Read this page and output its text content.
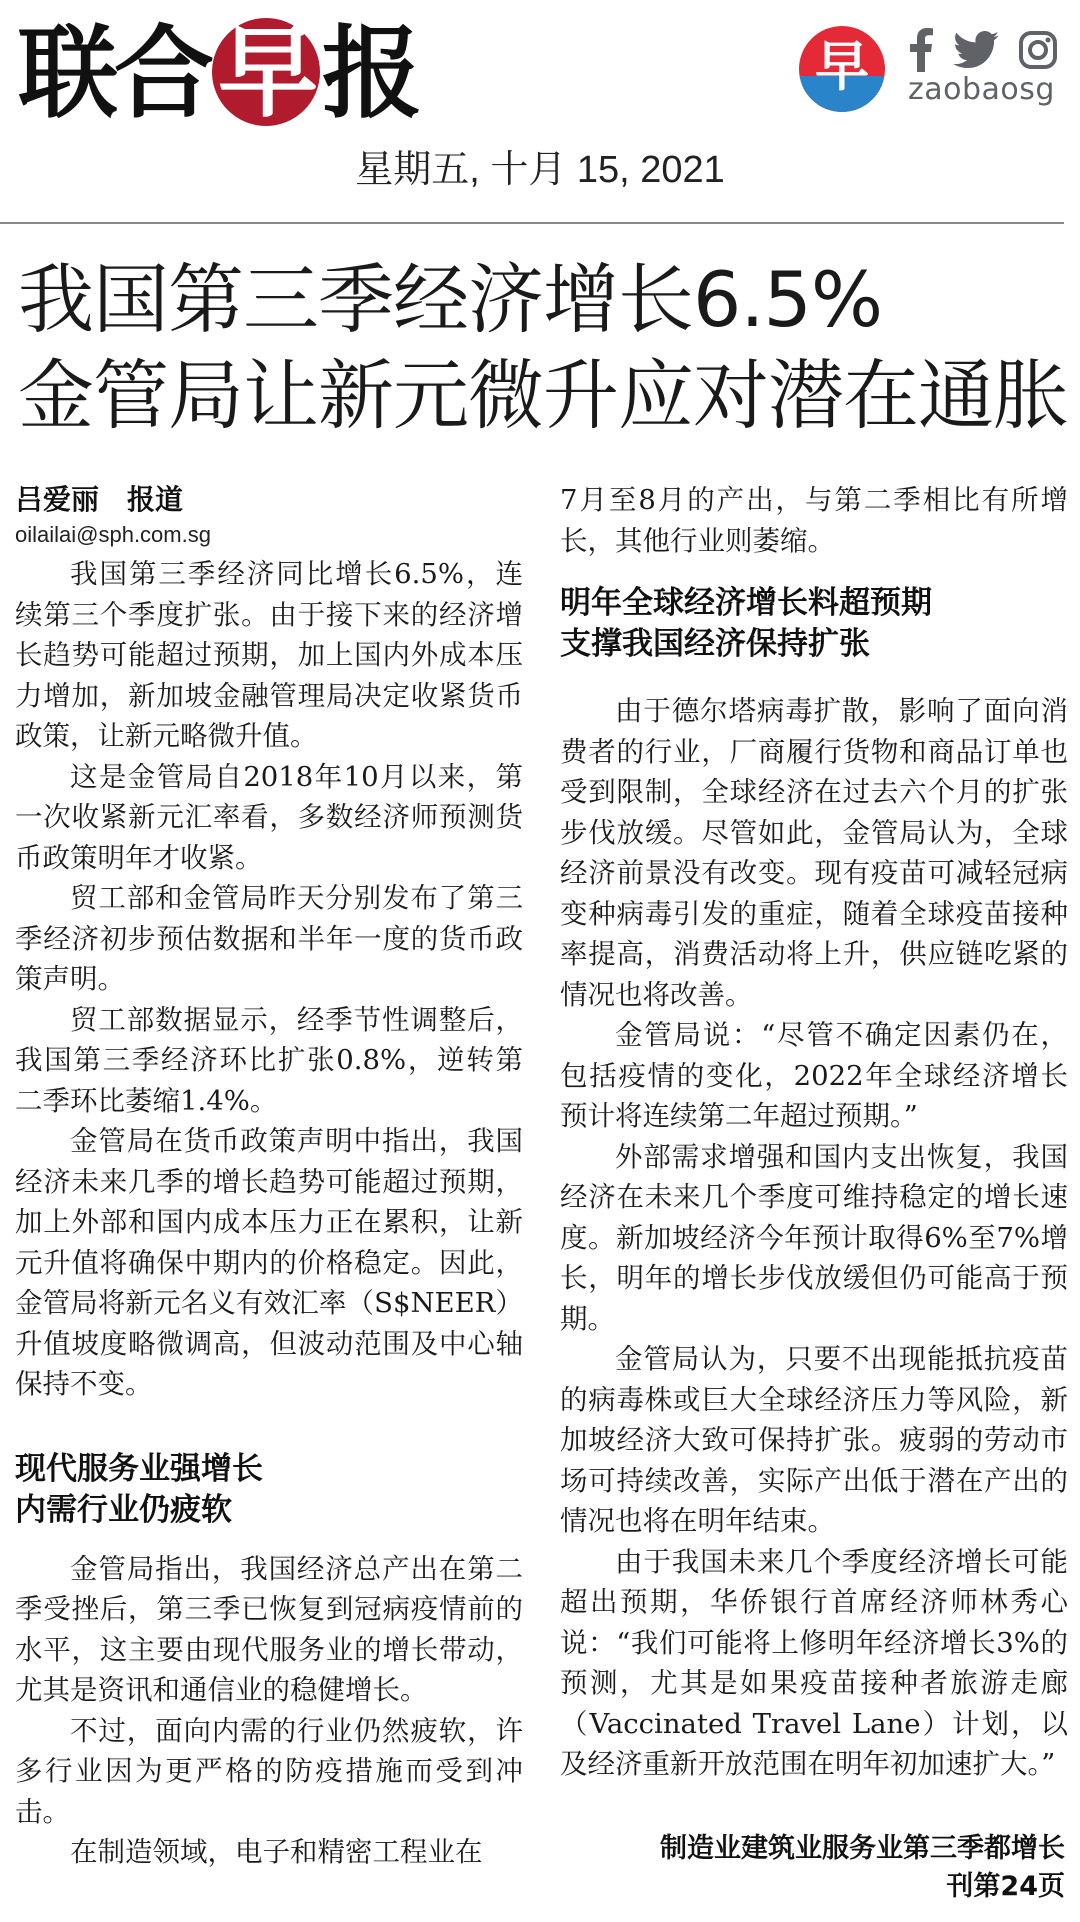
联合早报	早	zaobaosg
星期五, 十月 15, 2021
我国第三季经济增长6.5%
金管局让新元微升应对潜在通胀
吕爱丽 报道
oilailai@sph.com.sg

我国第三季经济同比增长6.5%，连续第三个季度扩张。由于接下来的经济增长趋势可能超过预期，加上国内外成本压力增加，新加坡金融管理局决定收紧货币政策，让新元略微升值。

这是金管局自2018年10月以来，第一次收紧新元汇率看，多数经济师预测货币政策明年才收紧。

贸工部和金管局昨天分别发布了第三季经济初步预估数据和半年一度的货币政策声明。

贸工部数据显示，经季节性调整后，我国第三季经济环比扩张0.8%，逆转第二季环比萎缩1.4%。

金管局在货币政策声明中指出，我国经济未来几季的增长趋势可能超过预期，加上外部和国内成本压力正在累积，让新元升值将确保中期内的价格稳定。因此，金管局将新元名义有效汇率（S$NEER）升值坡度略微调高，但波动范围及中心轴保持不变。

现代服务业强增长
内需行业仍疲软

金管局指出，我国经济总产出在第二季受挫后，第三季已恢复到冠病疫情前的水平，这主要由现代服务业的增长带动，尤其是资讯和通信业的稳健增长。

不过，面向内需的行业仍然疲软，许多行业因为更严格的防疫措施而受到冲击。

在制造领域，电子和精密工程业在

7月至8月的产出，与第二季相比有所增长，其他行业则萎缩。

明年全球经济增长料超预期
支撑我国经济保持扩张

由于德尔塔病毒扩散，影响了面向消费者的行业，厂商履行货物和商品订单也受到限制，全球经济在过去六个月的扩张步伐放缓。尽管如此，金管局认为，全球经济前景没有改变。现有疫苗可减轻冠病变种病毒引发的重症，随着全球疫苗接种率提高，消费活动将上升，供应链吃紧的情况也将改善。

金管局说：“尽管不确定因素仍在，包括疫情的变化，2022年全球经济增长预计将连续第二年超过预期。”

外部需求增强和国内支出恢复，我国经济在未来几个季度可维持稳定的增长速度。新加坡经济今年预计取得6%至7%增长，明年的增长步伐放缓但仍可能高于预期。

金管局认为，只要不出现能抵抗疫苗的病毒株或巨大全球经济压力等风险，新加坡经济大致可保持扩张。疲弱的劳动市场可持续改善，实际产出低于潜在产出的情况也将在明年结束。

由于我国未来几个季度经济增长可能超出预期，华侨银行首席经济师林秀心说：“我们可能将上修明年经济增长3%的预测，尤其是如果疫苗接种者旅游走廊（Vaccinated Travel Lane）计划，以及经济重新开放范围在明年初加速扩大。”

制造业建筑业服务业第三季都增长
刊第24页
